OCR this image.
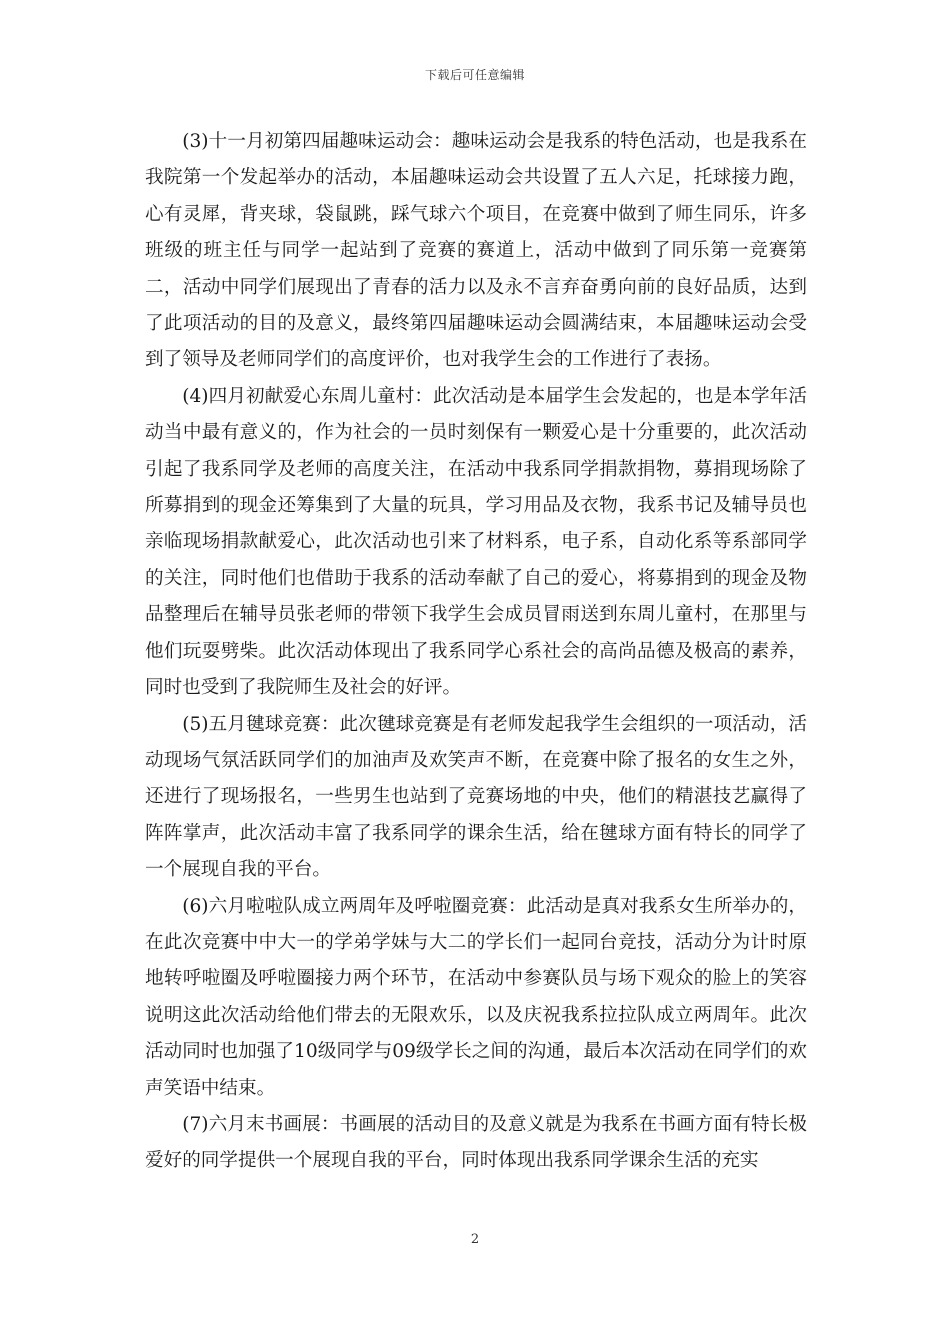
下载后可任意编辑

(3)十一月初第四届趣味运动会：趣味运动会是我系的特色活动，也是我系在我院第一个发起举办的活动，本届趣味运动会共设置了五人六足，托球接力跑，心有灵犀，背夹球，袋鼠跳，踩气球六个项目，在竞赛中做到了师生同乐，许多班级的班主任与同学一起站到了竞赛的赛道上，活动中做到了同乐第一竞赛第二，活动中同学们展现出了青春的活力以及永不言弃奋勇向前的良好品质，达到了此项活动的目的及意义，最终第四届趣味运动会圆满结束，本届趣味运动会受到了领导及老师同学们的高度评价，也对我学生会的工作进行了表扬。

(4)四月初献爱心东周儿童村：此次活动是本届学生会发起的，也是本学年活动当中最有意义的，作为社会的一员时刻保有一颗爱心是十分重要的，此次活动引起了我系同学及老师的高度关注，在活动中我系同学捐款捐物，募捐现场除了所募捐到的现金还筹集到了大量的玩具，学习用品及衣物，我系书记及辅导员也亲临现场捐款献爱心，此次活动也引来了材料系，电子系，自动化系等系部同学的关注，同时他们也借助于我系的活动奉献了自己的爱心，将募捐到的现金及物品整理后在辅导员张老师的带领下我学生会成员冒雨送到东周儿童村，在那里与他们玩耍劈柴。此次活动体现出了我系同学心系社会的高尚品德及极高的素养，同时也受到了我院师生及社会的好评。

(5)五月毽球竞赛：此次毽球竞赛是有老师发起我学生会组织的一项活动，活动现场气氛活跃同学们的加油声及欢笑声不断，在竞赛中除了报名的女生之外，还进行了现场报名，一些男生也站到了竞赛场地的中央，他们的精湛技艺赢得了阵阵掌声，此次活动丰富了我系同学的课余生活，给在毽球方面有特长的同学了一个展现自我的平台。

(6)六月啦啦队成立两周年及呼啦圈竞赛：此活动是真对我系女生所举办的，在此次竞赛中中大一的学弟学妹与大二的学长们一起同台竞技，活动分为计时原地转呼啦圈及呼啦圈接力两个环节，在活动中参赛队员与场下观众的脸上的笑容说明这此次活动给他们带去的无限欢乐，以及庆祝我系拉拉队成立两周年。此次活动同时也加强了10级同学与09级学长之间的沟通，最后本次活动在同学们的欢声笑语中结束。

(7)六月末书画展：书画展的活动目的及意义就是为我系在书画方面有特长极爱好的同学提供一个展现自我的平台，同时体现出我系同学课余生活的充实

2
